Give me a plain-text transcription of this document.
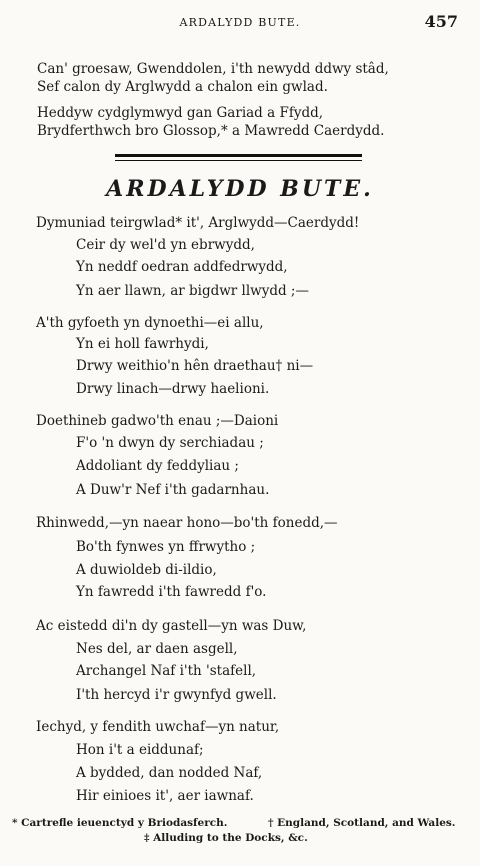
ARDALYDD BUTE.	457
Can' groesaw, Gwenddolen, i'th newydd ddwy stâd,
Sef calon dy Arglwydd a chalon ein gwlad.
Heddyw cydglymwyd gan Gariad a Ffydd,
Brydferthwch bro Glossop,* a Mawredd Caerdydd.
ARDALYDD BUTE.
Dymuniad teirgwlad* it', Arglwydd—Caerdydd!
Ceir dy wel'd yn ebrwydd,
Yn neddf oedran addfedrwydd,
Yn aer llawn, ar bigdwr llwydd ;—
A'th gyfoeth yn dynoethi—ei allu,
Yn ei holl fawrhydi,
Drwy weithio'n hên draethau† ni—
Drwy linach—drwy haelioni.
Doethineb gadwo'th enau ;—Daioni
F'o 'n dwyn dy serchiadau ;
Addoliant dy feddyliau ;
A Duw'r Nef i'th gadarnhau.
Rhinwedd,—yn naear hono—bo'th fonedd,—
Bo'th fynwes yn ffrwytho ;
A duwioldeb di-ildio,
Yn fawredd i'th fawredd f'o.
Ac eistedd di'n dy gastell—yn was Duw,
Nes del, ar daen asgell,
Archangel Naf i'th 'stafell,
I'th hercyd i'r gwynfyd gwell.
Iechyd, y fendith uwchaf—yn natur,
Hon i't a eiddunaf;
A bydded, dan nodded Naf,
Hir einioes it', aer iawnaf.
* Cartrefle ieuenctyd y Briodasferch.	† England, Scotland, and Wales.
‡ Alluding to the Docks, &c.
